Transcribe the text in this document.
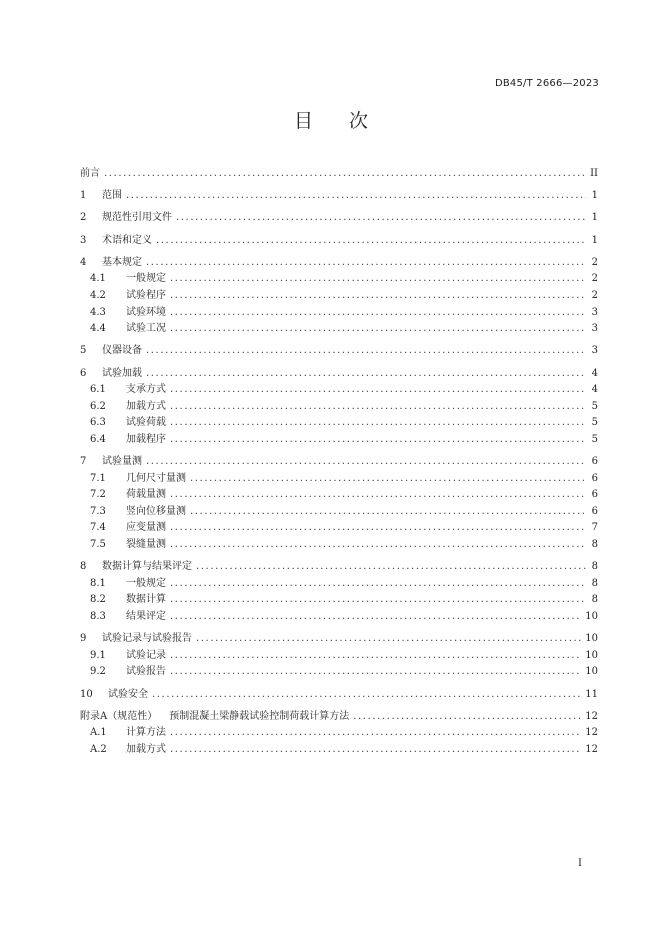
DB45/T 2666—2023
目 次
前言 .....	II
1	范围 .....	1
2	规范性引用文件 .....	1
3	术语和定义 .....	1
4	基本规定 .....	2
4.1	一般规定 .....	2
4.2	试验程序 .....	2
4.3	试验环境 .....	3
4.4	试验工况 .....	3
5	仪器设备 .....	3
6	试验加载 .....	4
6.1	支承方式 .....	4
6.2	加载方式 .....	5
6.3	试验荷载 .....	5
6.4	加载程序 .....	5
7	试验量测 .....	6
7.1	几何尺寸量测 .....	6
7.2	荷载量测 .....	6
7.3	竖向位移量测 .....	6
7.4	应变量测 .....	7
7.5	裂缝量测 .....	8
8	数据计算与结果评定 .....	8
8.1	一般规定 .....	8
8.2	数据计算 .....	8
8.3	结果评定 .....	10
9	试验记录与试验报告 .....	10
9.1	试验记录 .....	10
9.2	试验报告 .....	10
10	试验安全 .....	11
附录A（规范性） 预制混凝土梁静载试验控制荷载计算方法 .....	12
A.1	计算方法 .....	12
A.2	加载方式 .....	12
I
